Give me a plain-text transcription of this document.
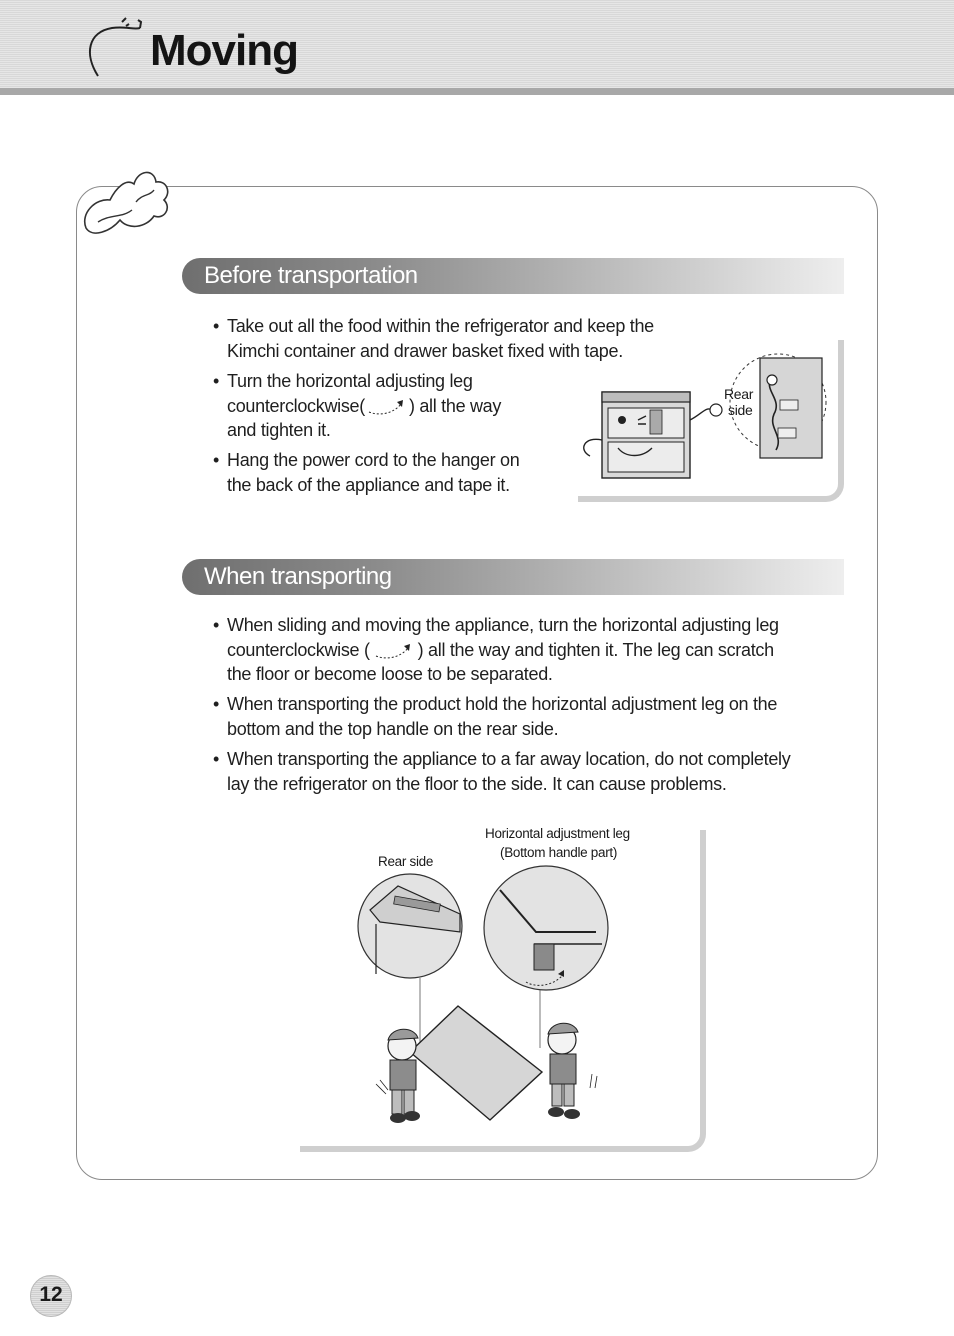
Moving
Before transportation
• Take out all the food within the refrigerator and keep the
Kimchi container and drawer basket fixed with tape.
• Turn the horizontal adjusting leg
counterclockwise( ) all the way
and tighten it.
• Hang the power cord to the hanger on
the back of the appliance and tape it.
Rear
side
When transporting
• When sliding and moving the appliance, turn the horizontal adjusting leg
counterclockwise (	) all the way and tighten it. The leg can scratch
the floor or become loose to be separated.
• When transporting the product hold the horizontal adjustment leg on the
bottom and the top handle on the rear side.
• When transporting the appliance to a far away location, do not completely
lay the refrigerator on the floor to the side. It can cause problems.
Rear side
Horizontal adjustment leg
(Bottom handle part)
12
